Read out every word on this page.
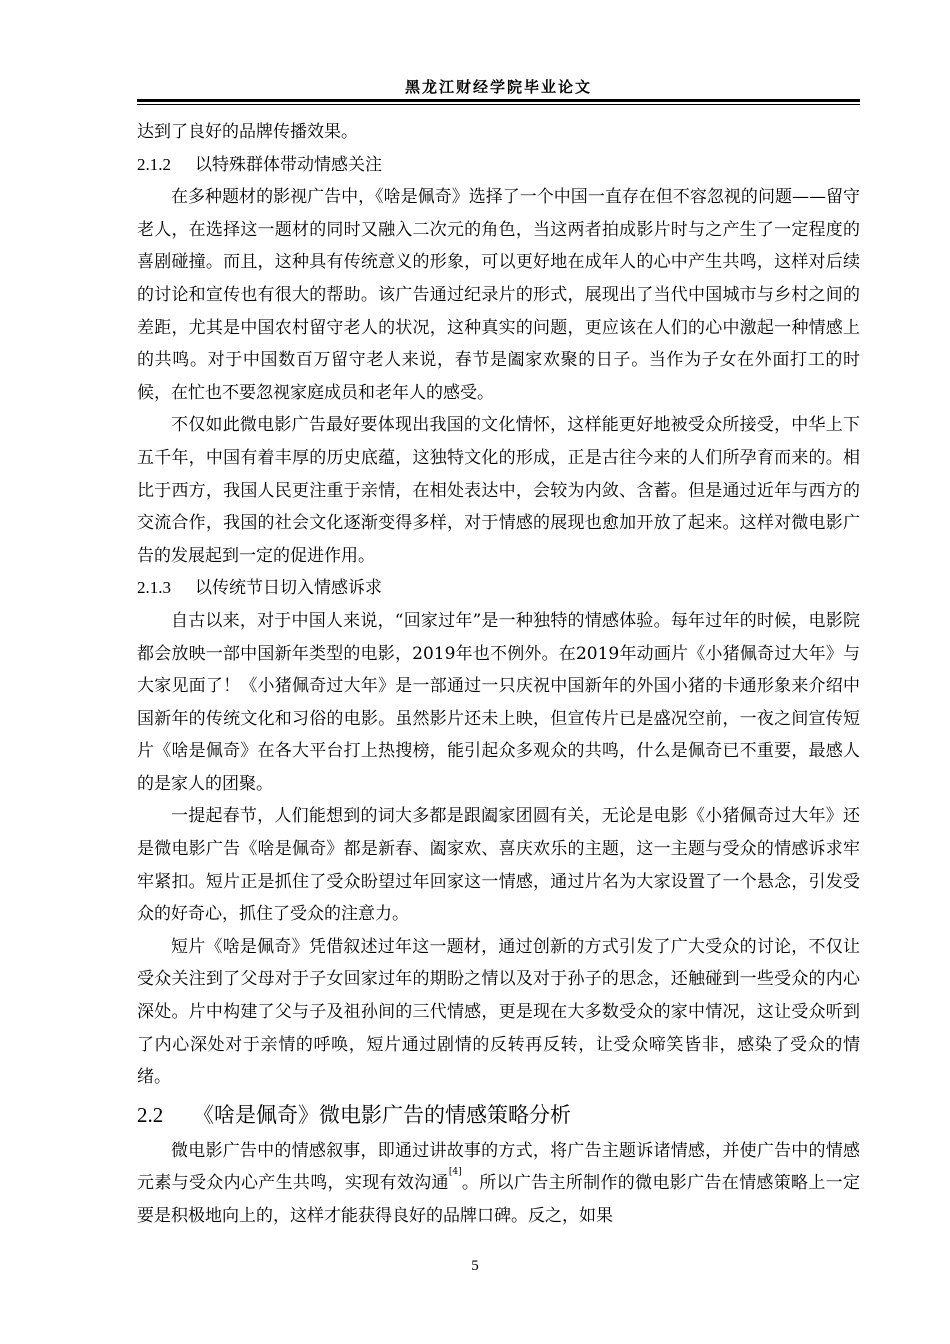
黑龙江财经学院毕业论文

达到了良好的品牌传播效果。

2.1.2 以特殊群体带动情感关注

在多种题材的影视广告中，《啥是佩奇》选择了一个中国一直存在但不容忽视的问题——留守老人，在选择这一题材的同时又融入二次元的角色，当这两者拍成影片时与之产生了一定程度的喜剧碰撞。而且，这种具有传统意义的形象，可以更好地在成年人的心中产生共鸣，这样对后续的讨论和宣传也有很大的帮助。该广告通过纪录片的形式，展现出了当代中国城市与乡村之间的差距，尤其是中国农村留守老人的状况，这种真实的问题，更应该在人们的心中激起一种情感上的共鸣。对于中国数百万留守老人来说，春节是阖家欢聚的日子。当作为子女在外面打工的时候，在忙也不要忽视家庭成员和老年人的感受。

不仅如此微电影广告最好要体现出我国的文化情怀，这样能更好地被受众所接受，中华上下五千年，中国有着丰厚的历史底蕴，这独特文化的形成，正是古往今来的人们所孕育而来的。相比于西方，我国人民更注重于亲情，在相处表达中，会较为内敛、含蓄。但是通过近年与西方的交流合作，我国的社会文化逐渐变得多样，对于情感的展现也愈加开放了起来。这样对微电影广告的发展起到一定的促进作用。

2.1.3 以传统节日切入情感诉求

自古以来，对于中国人来说，“回家过年”是一种独特的情感体验。每年过年的时候，电影院都会放映一部中国新年类型的电影，2019年也不例外。在2019年动画片《小猪佩奇过大年》与大家见面了！《小猪佩奇过大年》是一部通过一只庆祝中国新年的外国小猪的卡通形象来介绍中国新年的传统文化和习俗的电影。虽然影片还未上映，但宣传片已是盛况空前，一夜之间宣传短片《啥是佩奇》在各大平台打上热搜榜，能引起众多观众的共鸣，什么是佩奇已不重要，最感人的是家人的团聚。

一提起春节，人们能想到的词大多都是跟阖家团圆有关，无论是电影《小猪佩奇过大年》还是微电影广告《啥是佩奇》都是新春、阖家欢、喜庆欢乐的主题，这一主题与受众的情感诉求牢牢紧扣。短片正是抓住了受众盼望过年回家这一情感，通过片名为大家设置了一个悬念，引发受众的好奇心，抓住了受众的注意力。

短片《啥是佩奇》凭借叙述过年这一题材，通过创新的方式引发了广大受众的讨论，不仅让受众关注到了父母对于子女回家过年的期盼之情以及对于孙子的思念，还触碰到一些受众的内心深处。片中构建了父与子及祖孙间的三代情感，更是现在大多数受众的家中情况，这让受众听到了内心深处对于亲情的呼唤，短片通过剧情的反转再反转，让受众啼笑皆非，感染了受众的情绪。

2.2 《啥是佩奇》微电影广告的情感策略分析

微电影广告中的情感叙事，即通过讲故事的方式，将广告主题诉诸情感，并使广告中的情感元素与受众内心产生共鸣，实现有效沟通[4]。所以广告主所制作的微电影广告在情感策略上一定要是积极地向上的，这样才能获得良好的品牌口碑。反之，如果

5
